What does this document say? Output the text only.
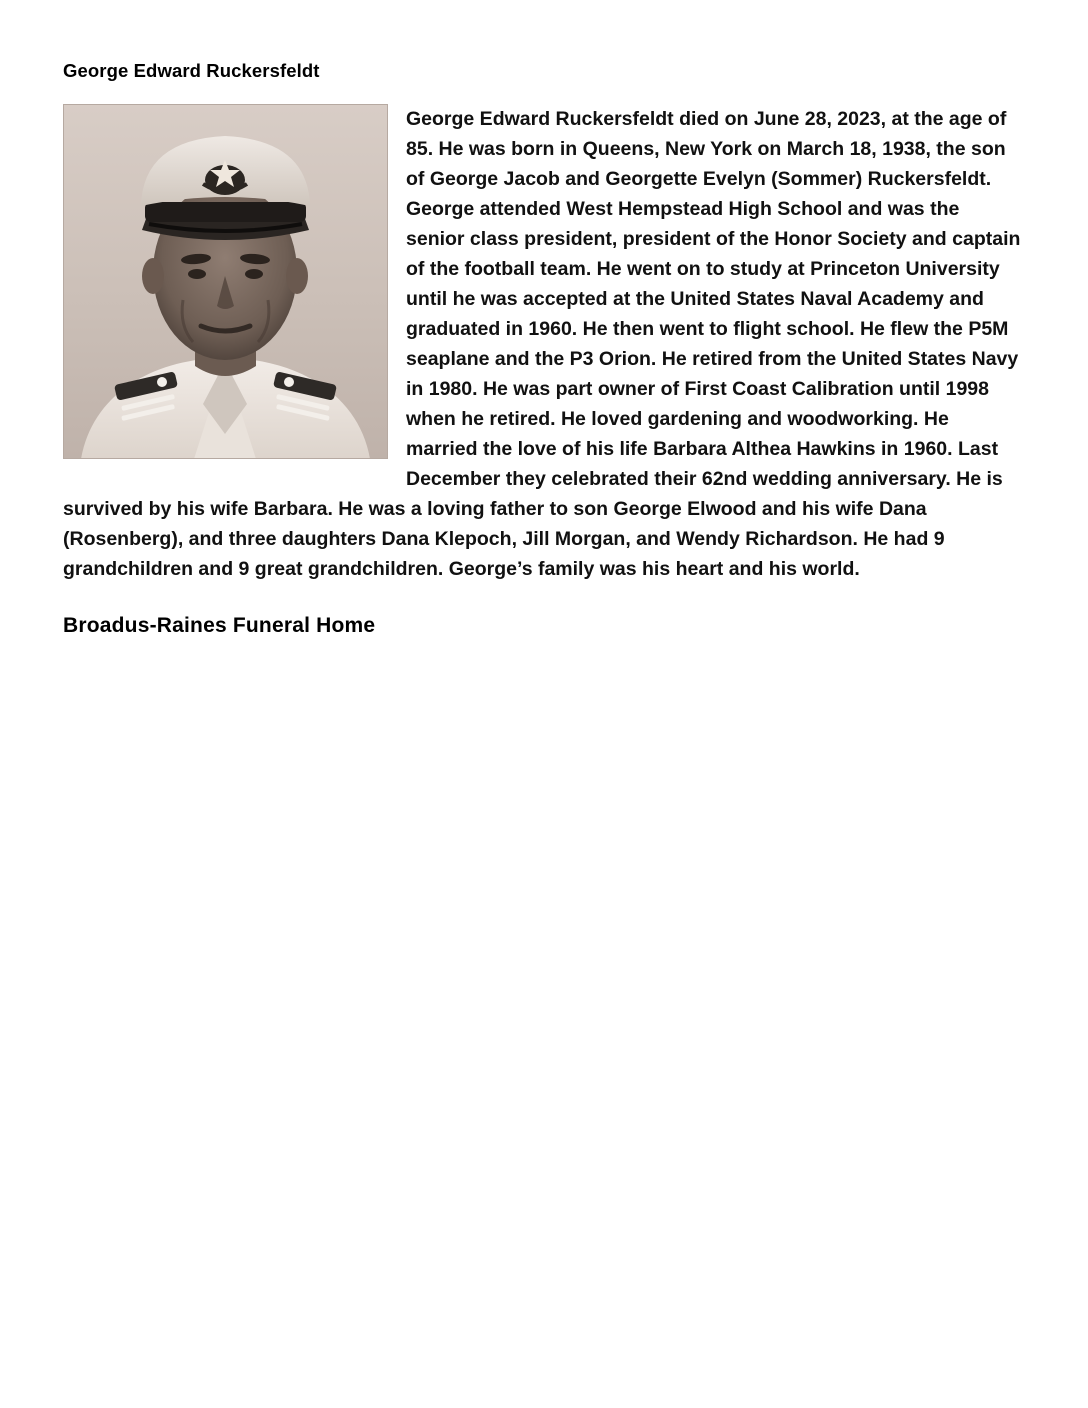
George Edward Ruckersfeldt

George Edward Ruckersfeldt died on June 28, 2023, at the age of 85. He was born in Queens, New York on March 18, 1938, the son of George Jacob and Georgette Evelyn (Sommer) Ruckersfeldt.

George attended West Hempstead High School and was the senior class president, president of the Honor Society and captain of the football team. He went on to study at Princeton University until he was accepted at the United States Naval Academy and graduated in 1960. He then went to flight school. He flew the P5M seaplane and the P3 Orion. He retired from the United States Navy in 1980. He was part owner of First Coast Calibration until 1998 when he retired. He loved gardening and woodworking. He married the love of his life Barbara Althea Hawkins in 1960. Last December they celebrated their 62nd wedding anniversary. He is survived by his wife Barbara. He was a loving father to son George Elwood and his wife Dana (Rosenberg), and three daughters Dana Klepoch, Jill Morgan, and Wendy Richardson. He had 9 grandchildren and 9 great grandchildren. George’s family was his heart and his world.

Broadus-Raines Funeral Home
